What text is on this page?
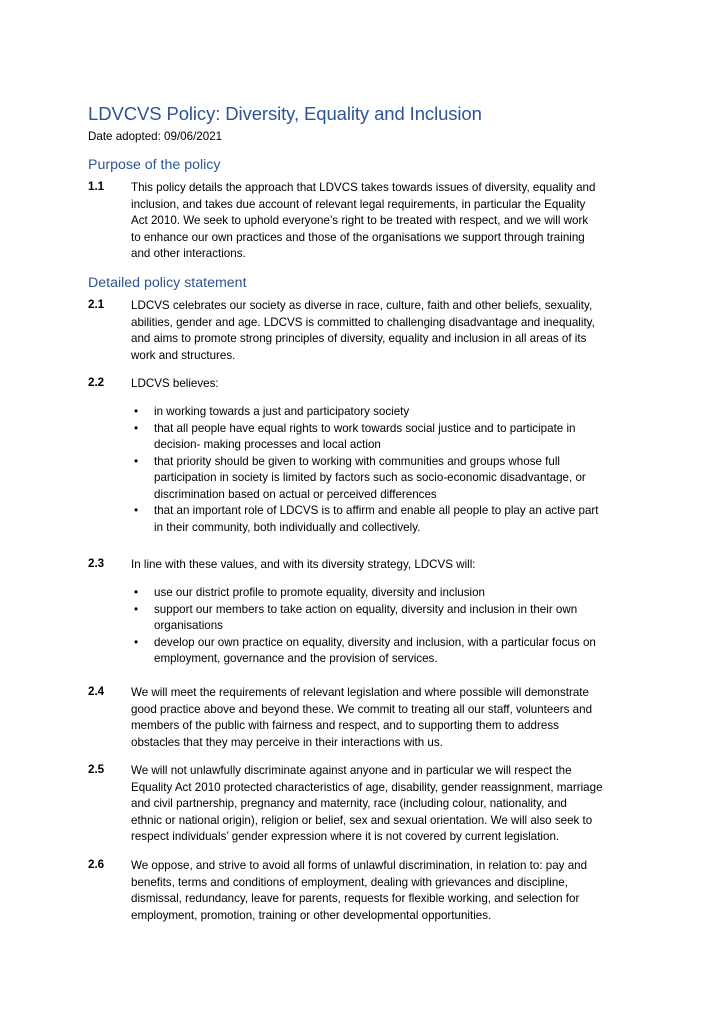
LDVCVS Policy: Diversity, Equality and Inclusion
Date adopted: 09/06/2021
Purpose of the policy
1.1 This policy details the approach that LDVCS takes towards issues of diversity, equality and
inclusion, and takes due account of relevant legal requirements, in particular the Equality
Act 2010. We seek to uphold everyone’s right to be treated with respect, and we will work
to enhance our own practices and those of the organisations we support through training
and other interactions.
Detailed policy statement
2.1 LDCVS celebrates our society as diverse in race, culture, faith and other beliefs, sexuality,
abilities, gender and age. LDCVS is committed to challenging disadvantage and inequality,
and aims to promote strong principles of diversity, equality and inclusion in all areas of its
work and structures.
2.2 LDCVS believes:
• in working towards a just and participatory society
• that all people have equal rights to work towards social justice and to participate in
decision- making processes and local action
• that priority should be given to working with communities and groups whose full
participation in society is limited by factors such as socio-economic disadvantage, or
discrimination based on actual or perceived differences
• that an important role of LDCVS is to affirm and enable all people to play an active part
in their community, both individually and collectively.
2.3 In line with these values, and with its diversity strategy, LDCVS will:
• use our district profile to promote equality, diversity and inclusion
• support our members to take action on equality, diversity and inclusion in their own
organisations
• develop our own practice on equality, diversity and inclusion, with a particular focus on
employment, governance and the provision of services.
2.4 We will meet the requirements of relevant legislation and where possible will demonstrate
good practice above and beyond these. We commit to treating all our staff, volunteers and
members of the public with fairness and respect, and to supporting them to address
obstacles that they may perceive in their interactions with us.
2.5 We will not unlawfully discriminate against anyone and in particular we will respect the
Equality Act 2010 protected characteristics of age, disability, gender reassignment, marriage
and civil partnership, pregnancy and maternity, race (including colour, nationality, and
ethnic or national origin), religion or belief, sex and sexual orientation. We will also seek to
respect individuals’ gender expression where it is not covered by current legislation.
2.6 We oppose, and strive to avoid all forms of unlawful discrimination, in relation to: pay and
benefits, terms and conditions of employment, dealing with grievances and discipline,
dismissal, redundancy, leave for parents, requests for flexible working, and selection for
employment, promotion, training or other developmental opportunities.
